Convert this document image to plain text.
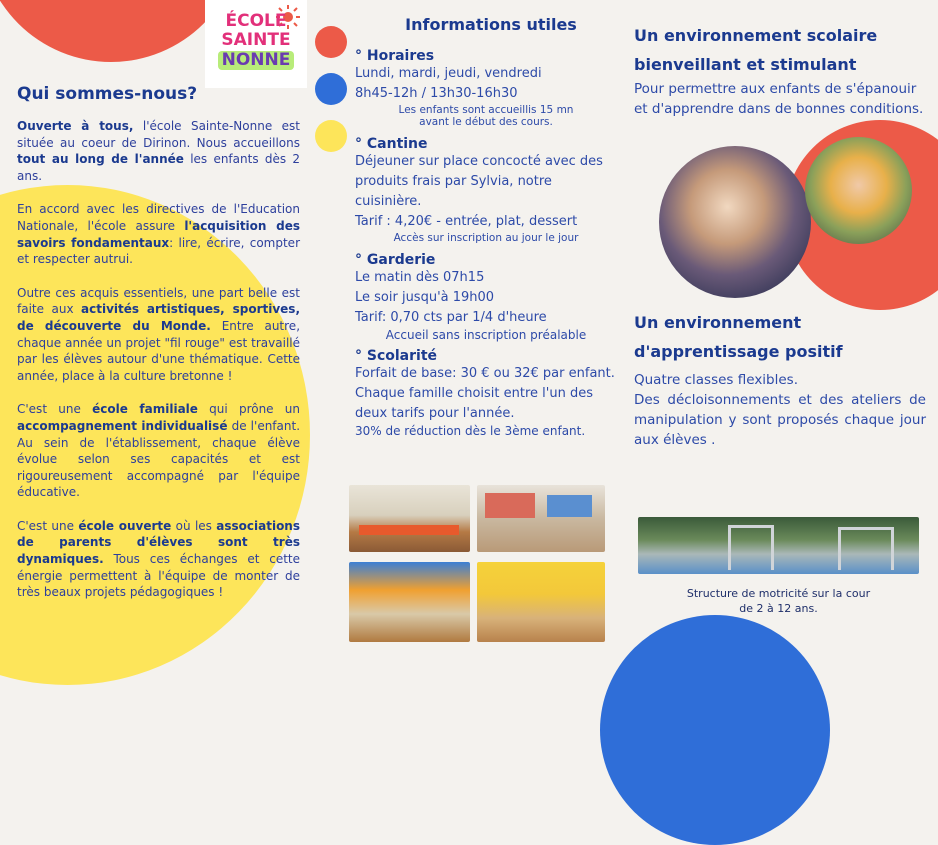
ÉCOLE
SAINTE
NONNE
Qui sommes-nous?

Ouverte à tous, l'école Sainte-Nonne est située au coeur de Dirinon. Nous accueillons tout au long de l'année les enfants dès 2 ans.

En accord avec les directives de l'Education Nationale, l'école assure l'acquisition des savoirs fondamentaux: lire, écrire, compter et respecter autrui.

Outre ces acquis essentiels, une part belle est faite aux activités artistiques, sportives, de découverte du Monde. Entre autre, chaque année un projet "fil rouge" est travaillé par les élèves autour d'une thématique. Cette année, place à la culture bretonne !

C'est une école familiale qui prône un accompagnement individualisé de l'enfant. Au sein de l'établissement, chaque élève évolue selon ses capacités et est rigoureusement accompagné par l'équipe éducative.

C'est une école ouverte où les associations de parents d'élèves sont très dynamiques. Tous ces échanges et cette énergie permettent à l'équipe de monter de très beaux projets pédagogiques !

Informations utiles
° Horaires
Lundi, mardi, jeudi, vendredi
8h45-12h / 13h30-16h30
Les enfants sont accueillis 15 mn
avant le début des cours.
° Cantine
Déjeuner sur place concocté avec des produits frais par Sylvia, notre cuisinière.
Tarif : 4,20€ - entrée, plat, dessert
Accès sur inscription au jour le jour
° Garderie
Le matin dès 07h15
Le soir jusqu'à 19h00
Tarif: 0,70 cts par 1/4 d'heure
Accueil sans inscription préalable
° Scolarité
Forfait de base: 30 € ou 32€ par enfant. Chaque famille choisit entre l'un des deux tarifs pour l'année.
30% de réduction dès le 3ème enfant.
Un environnement scolaire
bienveillant et stimulant
Pour permettre aux enfants de s'épanouir et d'apprendre dans de bonnes conditions.
Un environnement
d'apprentissage positif
Quatre classes flexibles.
Des décloisonnements et des ateliers de manipulation y sont proposés chaque jour aux élèves .
Structure de motricité sur la cour
de 2 à 12 ans.
